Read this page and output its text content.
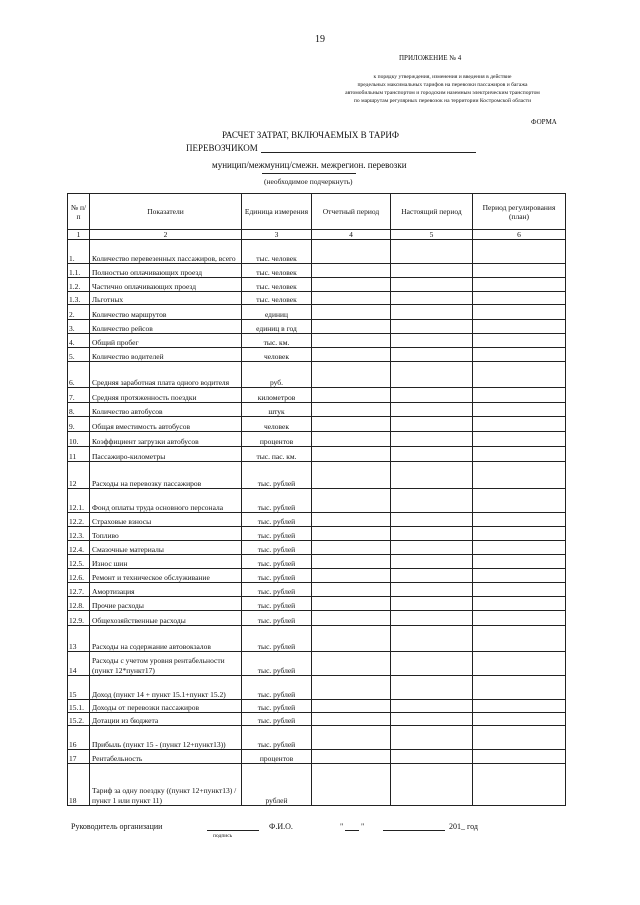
19
ПРИЛОЖЕНИЕ № 4
к порядку утверждения, изменения и введения в действие
предельных максимальных тарифов на перевозки пассажиров и багажа
автомобильным транспортом и городским наземным электрическим транспортом
по маршрутам регулярных перевозок на территории Костромской области
ФОРМА
РАСЧЕТ ЗАТРАТ, ВКЛЮЧАЕМЫХ В ТАРИФ
ПЕРЕВОЗЧИКОМ
муницип/межмуниц/смежн. межрегион. перевозки
(необходимое подчеркнуть)
№ п/п	Показатели	Единица измерения	Отчетный период	Настоящий период	Период регулирования (план)
1	2	3	4	5	6
1.	Количество перевезенных пассажиров, всего	тыс. человек			
1.1.	Полностью оплачивающих проезд	тыс. человек			
1.2.	Частично оплачивающих проезд	тыс. человек			
1.3.	Льготных	тыс. человек			
2.	Количество маршрутов	единиц			
3.	Количество рейсов	единиц в год			
4.	Общий пробег	тыс. км.			
5.	Количество водителей	человек			
6.	Средняя заработная плата одного водителя	руб.			
7.	Средняя протяженность поездки	километров			
8.	Количество автобусов	штук			
9.	Общая вместимость автобусов	человек			
10.	Коэффициент загрузки автобусов	процентов			
11	Пассажиро-километры	тыс. пас. км.			
12	Расходы на перевозку пассажиров	тыс. рублей			
12.1.	Фонд оплаты труда основного персонала	тыс. рублей			
12.2.	Страховые взносы	тыс. рублей			
12.3.	Топливо	тыс. рублей			
12.4.	Смазочные материалы	тыс. рублей			
12.5.	Износ шин	тыс. рублей			
12.6.	Ремонт и техническое обслуживание	тыс. рублей			
12.7.	Амортизация	тыс. рублей			
12.8.	Прочие расходы	тыс. рублей			
12.9.	Общехозяйственные расходы	тыс. рублей			
13	Расходы на содержание автовокзалов	тыс. рублей			
14	Расходы с учетом уровня рентабельности (пункт 12*пункт17)	тыс. рублей			
15	Доход (пункт 14 + пункт 15.1+пункт 15.2)	тыс. рублей			
15.1.	Доходы от перевозки пассажиров	тыс. рублей			
15.2.	Дотации из бюджета	тыс. рублей			
16	Прибыль (пункт 15 - (пункт 12+пункт13))	тыс. рублей			
17	Рентабельность	процентов			
18	Тариф за одну поездку ((пункт 12+пункт13) / пункт 1 или пункт 11)	рублей			
Руководитель организации
подпись
Ф.И.О.	" "	201_ год
